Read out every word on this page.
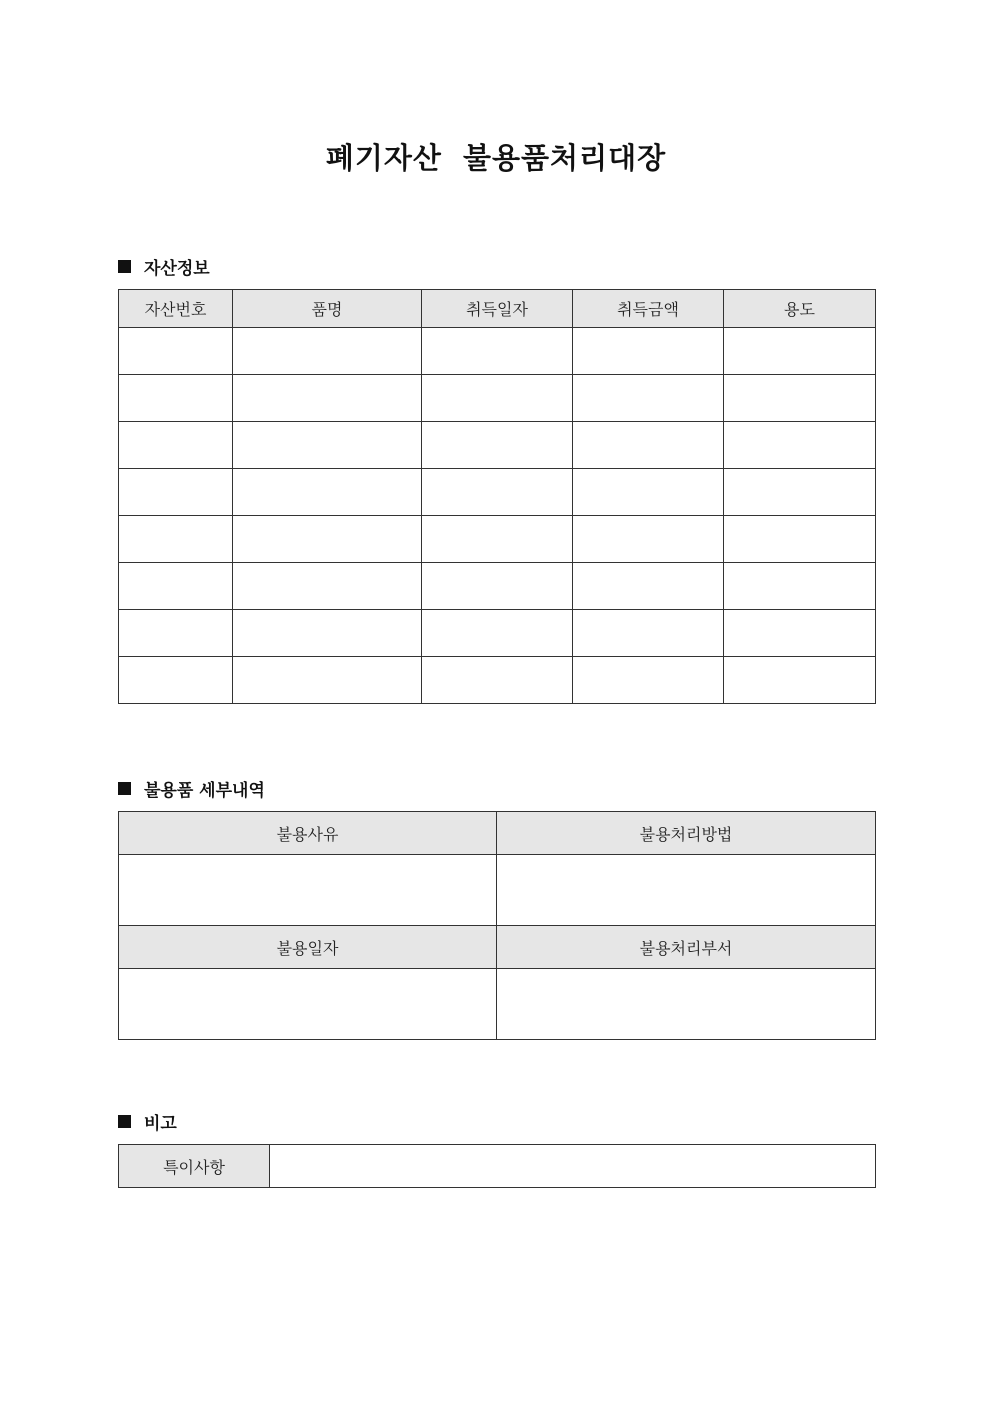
폐기자산 불용품처리대장
자산정보
자산번호	품명	취득일자	취득금액	용도

불용품 세부내역
불용사유	불용처리방법

불용일자	불용처리부서

비고
특이사항	
